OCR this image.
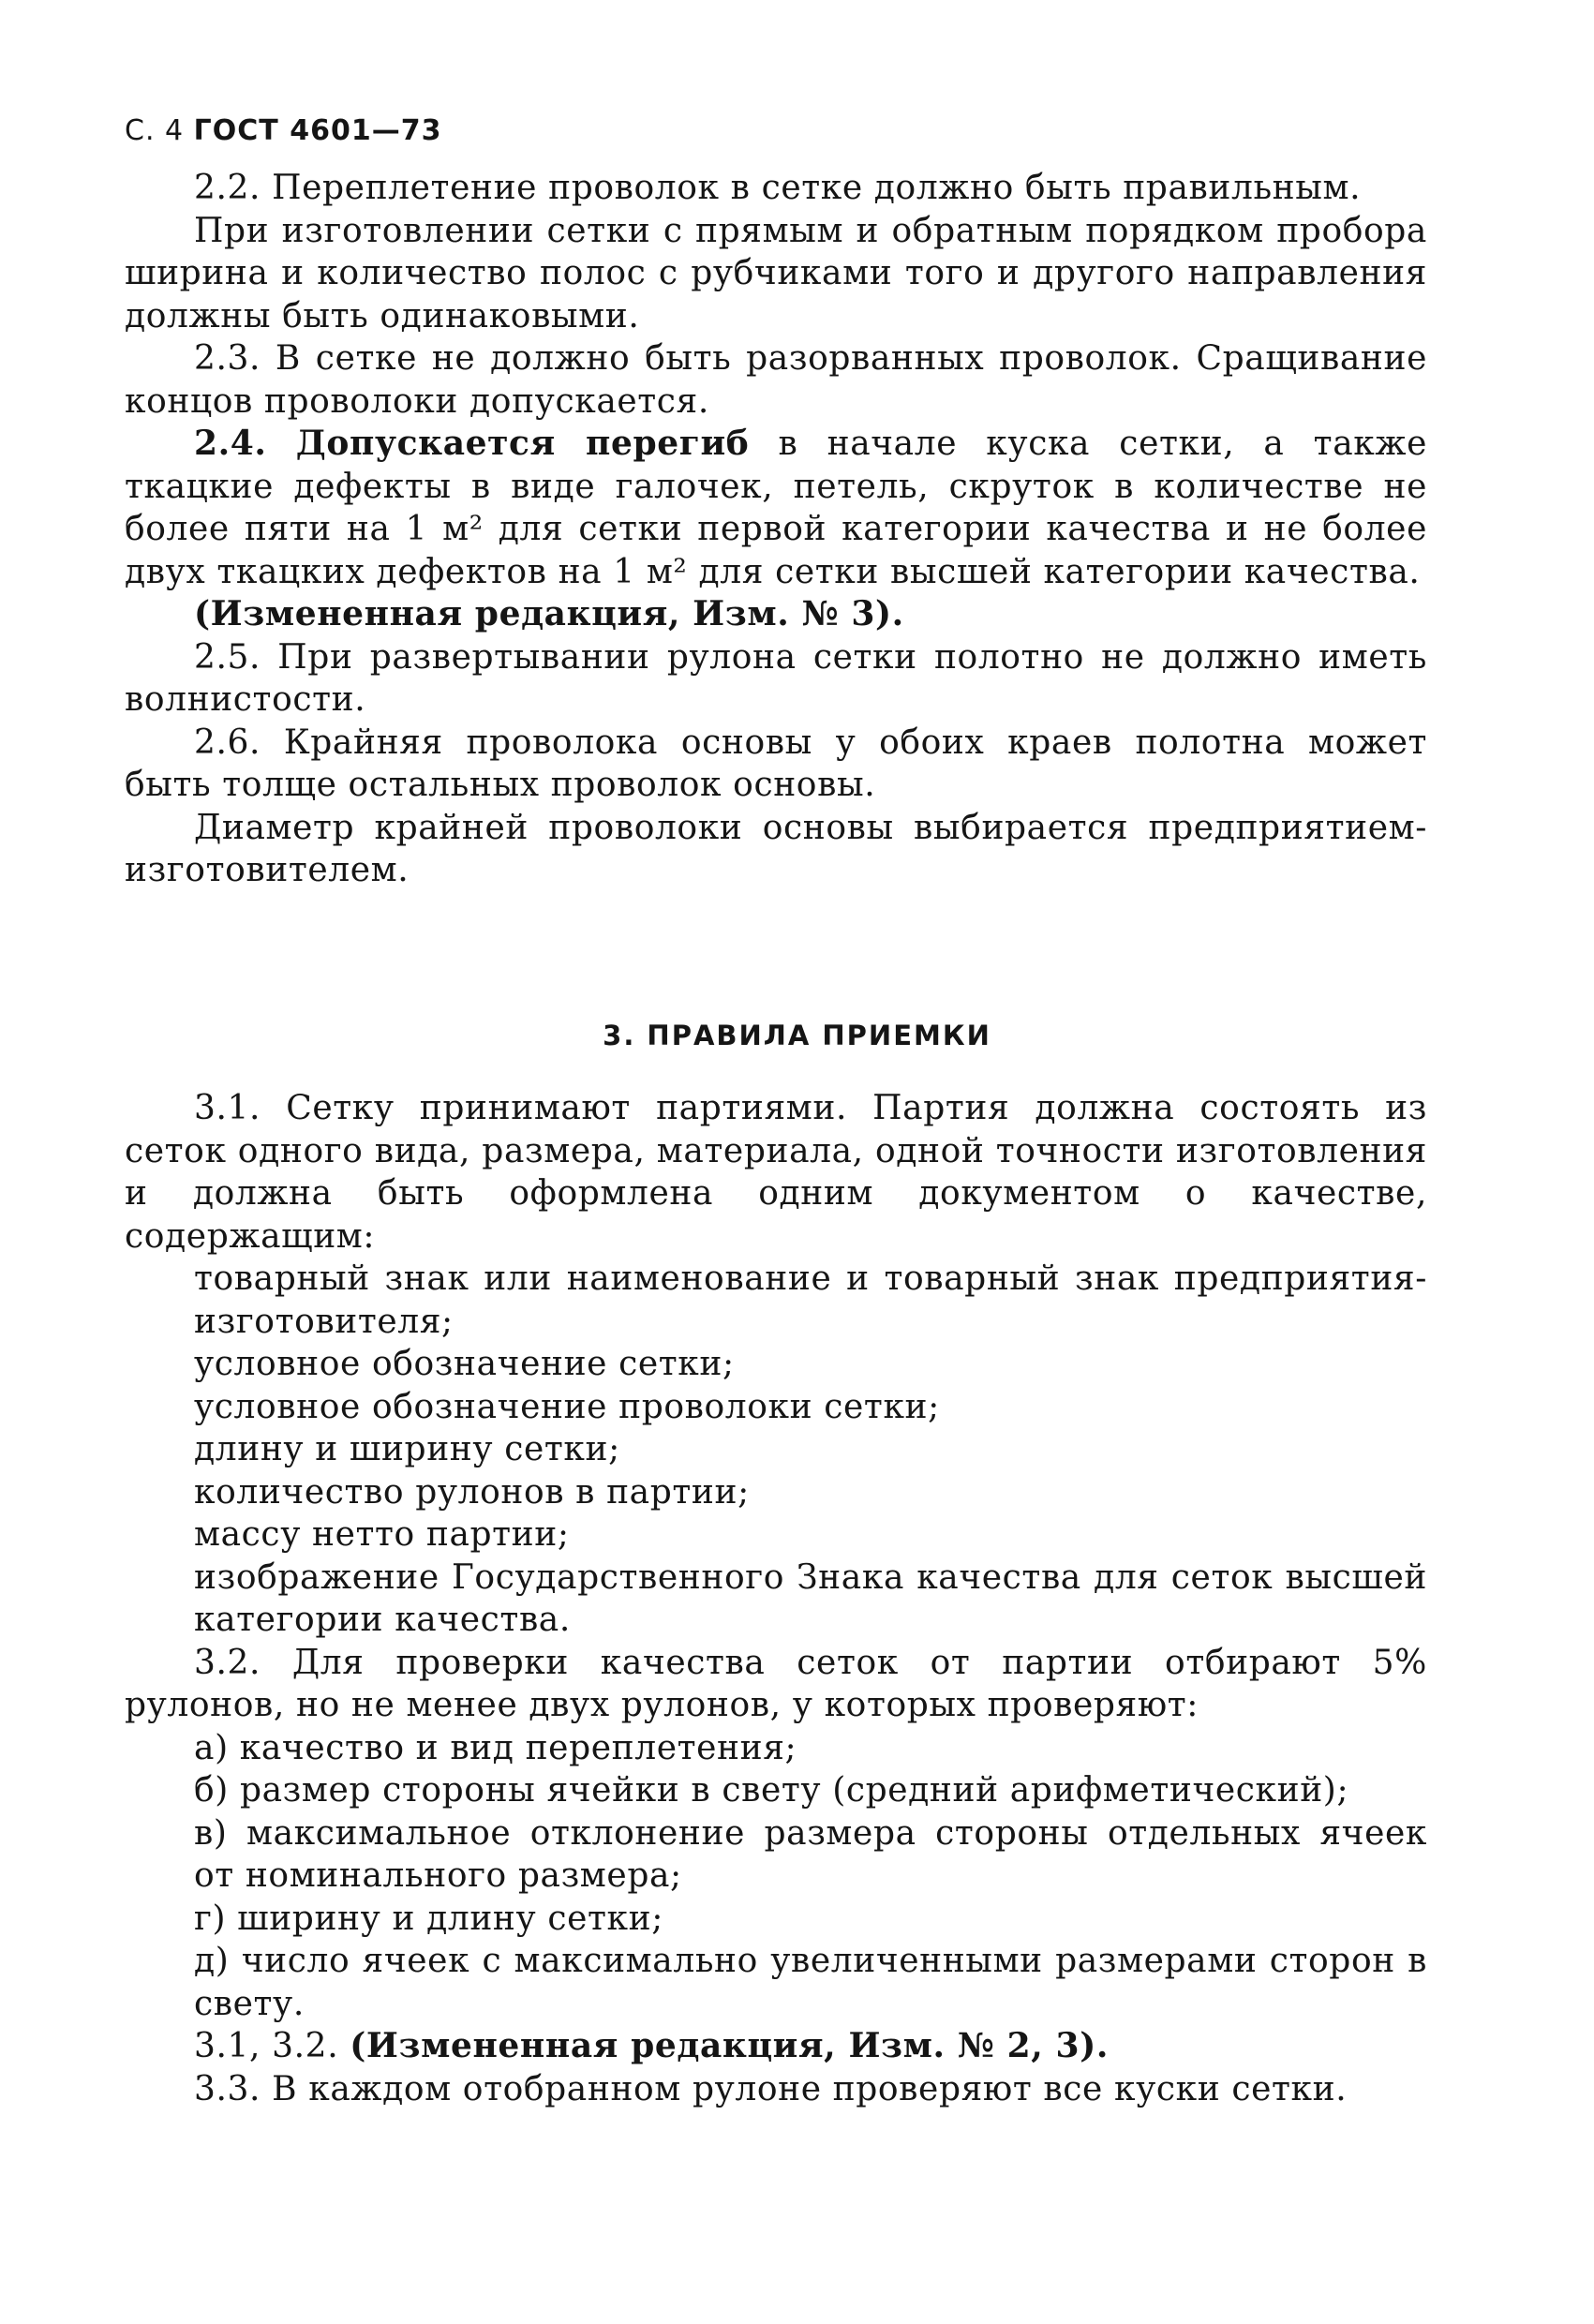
С. 4 ГОСТ 4601—73

2.2. Переплетение проволок в сетке должно быть правильным.

При изготовлении сетки с прямым и обратным порядком пробора ширина и количество полос с рубчиками того и другого направления должны быть одинаковыми.

2.3. В сетке не должно быть разорванных проволок. Сращивание концов проволоки допускается.

2.4. Допускается перегиб в начале куска сетки, а также ткацкие дефекты в виде галочек, петель, скруток в количестве не более пяти на 1 м² для сетки первой категории качества и не более двух ткацких дефектов на 1 м² для сетки высшей категории качества.

(Измененная редакция, Изм. № 3).

2.5. При развертывании рулона сетки полотно не должно иметь волнистости.

2.6. Крайняя проволока основы у обоих краев полотна может быть толще остальных проволок основы.

Диаметр крайней проволоки основы выбирается предприятием-изготовителем.

3. ПРАВИЛА ПРИЕМКИ

3.1. Сетку принимают партиями. Партия должна состоять из сеток одного вида, размера, материала, одной точности изготовления и должна быть оформлена одним документом о качестве, содержащим:

товарный знак или наименование и товарный знак предприятия-изготовителя;

условное обозначение сетки;

условное обозначение проволоки сетки;

длину и ширину сетки;

количество рулонов в партии;

массу нетто партии;

изображение Государственного Знака качества для сеток высшей категории качества.

3.2. Для проверки качества сеток от партии отбирают 5% рулонов, но не менее двух рулонов, у которых проверяют:

а) качество и вид переплетения;

б) размер стороны ячейки в свету (средний арифметический);

в) максимальное отклонение размера стороны отдельных ячеек от номинального размера;

г) ширину и длину сетки;

д) число ячеек с максимально увеличенными размерами сторон в свету.

3.1, 3.2. (Измененная редакция, Изм. № 2, 3).

3.3. В каждом отобранном рулоне проверяют все куски сетки.
